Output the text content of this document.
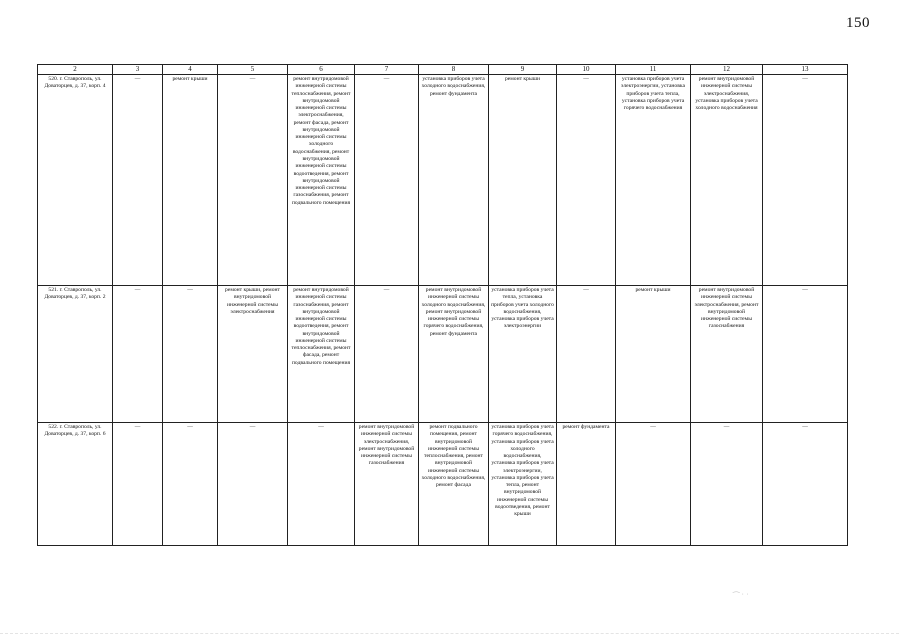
150
2	3	4	5	6	7	8	9	10	11	12	13
520. г. Ставрополь, ул. Доваторцев, д. 37, корп. 4	—	ремонт крыши	—	ремонт внутридомовой инженерной системы теплоснабжения, ремонт внутридомовой инженерной системы электроснабжения, ремонт фасада, ремонт внутридомовой инженерной системы холодного водоснабжения, ремонт внутридомовой инженерной системы водоотведения, ремонт внутридомовой инженерной системы газоснабжения, ремонт подвального помещения	—	установка приборов учета холодного водоснабжения, ремонт фундамента	ремонт крыши	—	установка приборов учета электроэнергии, установка приборов учета тепла, установка приборов учета горячего водоснабжения	ремонт внутридомовой инженерной системы электроснабжения, установка приборов учета холодного водоснабжения	—
521. г. Ставрополь, ул. Доваторцев, д. 37, корп. 2	—	—	ремонт крыши, ремонт внутридомовой инженерной системы электроснабжения	ремонт внутридомовой инженерной системы газоснабжения, ремонт внутридомовой инженерной системы водоотведения, ремонт внутридомовой инженерной системы теплоснабжения, ремонт фасада, ремонт подвального помещения	—	ремонт внутридомовой инженерной системы холодного водоснабжения, ремонт внутридомовой инженерной системы горячего водоснабжения, ремонт фундамента	установка приборов учета тепла, установка приборов учета холодного водоснабжения, установка приборов учета электроэнергии	—	ремонт крыши	ремонт внутридомовой инженерной системы электроснабжения, ремонт внутридомовой инженерной системы газоснабжения	—
522. г. Ставрополь, ул. Доваторцев, д. 37, корп. 6	—	—	—	—	ремонт внутридомовой инженерной системы электроснабжения, ремонт внутридомовой инженерной системы газоснабжения	ремонт подвального помещения, ремонт внутридомовой инженерной системы теплоснабжения, ремонт внутридомовой инженерной системы холодного водоснабжения, ремонт фасада	установка приборов учета горячего водоснабжения, установка приборов учета холодного водоснабжения, установка приборов учета электроэнергии, установка приборов учета тепла, ремонт внутридомовой инженерной системы водоотведения, ремонт крыши	ремонт фундамента	—	—	—
⁀ ˙ ˙
